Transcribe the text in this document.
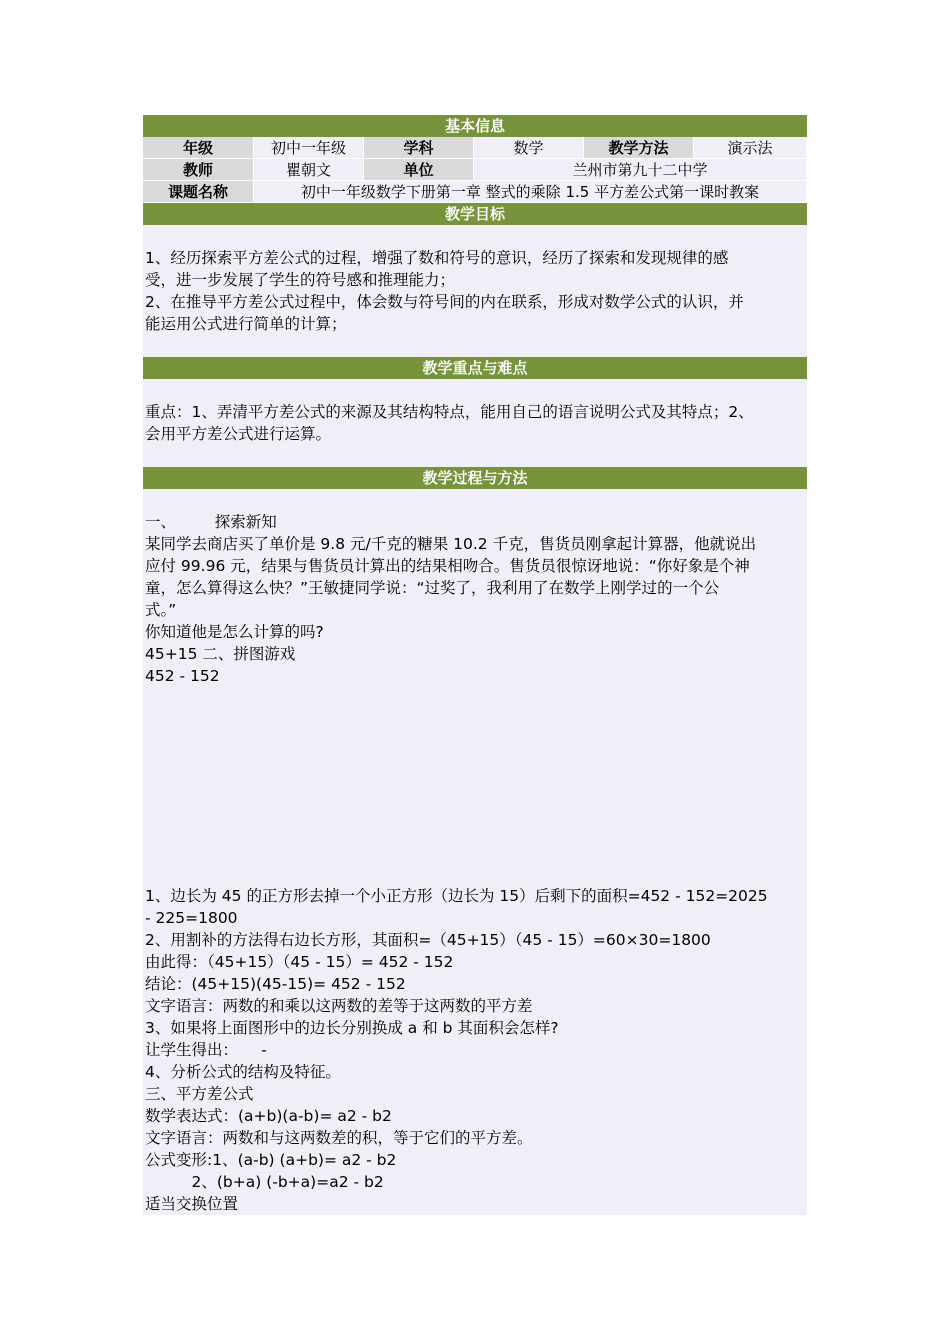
基本信息
年级	初中一年级	学科	数学	教学方法	演示法
教师	瞿朝文	单位	兰州市第九十二中学
课题名称	初中一年级数学下册第一章 整式的乘除 1.5 平方差公式第一课时教案
教学目标

1、经历探索平方差公式的过程，增强了数和符号的意识，经历了探索和发现规律的感

受，进一步发展了学生的符号感和推理能力；

2、在推导平方差公式过程中，体会数与符号间的内在联系，形成对数学公式的认识，并

能运用公式进行简单的计算；

教学重点与难点

重点：1、弄清平方差公式的来源及其结构特点，能用自己的语言说明公式及其特点；2、

会用平方差公式进行运算。

教学过程与方法

一、　　　探索新知

某同学去商店买了单价是 9.8 元/千克的糖果 10.2 千克，售货员刚拿起计算器，他就说出

应付 99.96 元，结果与售货员计算出的结果相吻合。售货员很惊讶地说：“你好象是个神

童，怎么算得这么快？”王敏捷同学说：“过奖了，我利用了在数学上刚学过的一个公

式。”

你知道他是怎么计算的吗?

45+15 二、拼图游戏

452 - 152

1、边长为 45 的正方形去掉一个小正方形（边长为 15）后剩下的面积=452 - 152=2025

- 225=1800

2、用割补的方法得右边长方形，其面积=（45+15）（45 - 15）=60×30=1800

由此得：（45+15）（45 - 15）= 452 - 152

结论：(45+15)(45-15)= 452 - 152

文字语言：两数的和乘以这两数的差等于这两数的平方差

3、如果将上面图形中的边长分别换成 a 和 b 其面积会怎样?

让学生得出：　　-

4、分析公式的结构及特征。

三、平方差公式

数学表达式：(a+b)(a-b)= a2 - b2

文字语言：两数和与这两数差的积，等于它们的平方差。

公式变形:1、(a-b) (a+b)= a2 - b2

　　　2、(b+a) (-b+a)=a2 - b2

适当交换位置
